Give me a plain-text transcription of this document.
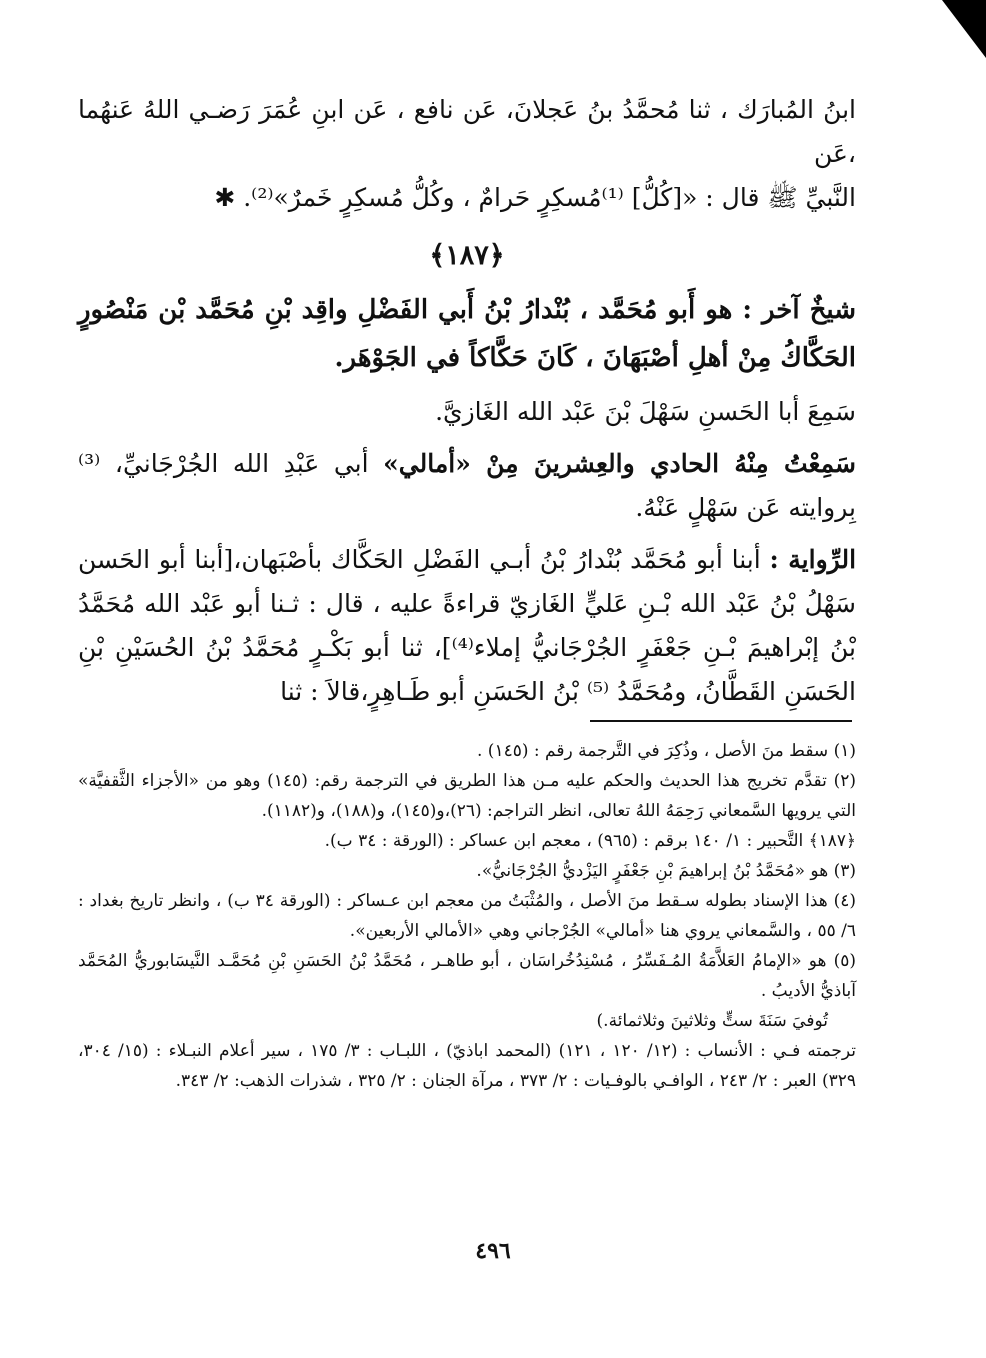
ابنُ المُبارَك ، ثنا مُحمَّدُ بنُ عَجلانَ، عَن نافع ، عَن ابنِ عُمَرَ رَضـي اللهُ عَنهُما ،عَن
النَّبيِّ ﷺ قال : «[كُلُّ] ⁽¹⁾مُسكِرٍ حَرامٌ ، وكُلُّ مُسكِرٍ خَمرٌ»⁽²⁾. ✱

﴿١٨٧﴾

شيخٌ آخر : هو أَبو مُحَمَّد ، بُنْدارُ بْنُ أَبي الفَضْلِ واقِد بْنِ مُحَمَّد بْن مَنْصُورٍ الحَكَّاكُ مِنْ أهلِ أصْبَهَانَ ، كَانَ حَكَّاكاً في الجَوْهَر.

سَمِعَ أبا الحَسنِ سَهْلَ بْنَ عَبْد الله الغَازيَّ.

سَمِعْتُ مِنْهُ الحادي والعِشرينَ مِنْ «أمالي» أبي عَبْدِ الله الجُرْجَانيِّ، ⁽³⁾ بِروايته عَن سَهْلٍ عَنْهُ.

الرِّواية : أبنا أبو مُحَمَّد بُنْدارُ بْنُ أبـي الفَضْلِ الحَكَّاك بأصْبَهان،[أبنا أبو الحَسن سَهْلُ بْنُ عَبْد الله بْـنِ عَليٍّ الغَازيّ قراءةً عليه ، قال : ثـنا أبو عَبْد الله مُحَمَّدُ بْنُ إبْراهيمَ بْـنِ جَعْفَرٍ الجُرْجَانيُّ إملاء⁽⁴⁾]، ثنا أبو بَكْـرٍ مُحَمَّدُ بْنُ الحُسَيْنِ بْنِ الحَسَنِ القَطَّانُ، ومُحَمَّدُ ⁽⁵⁾ بْنُ الحَسَنِ أبو طَـاهِرٍ،قالاَ : ثنا

(١) سقط منَ الأصل ، وذُكِرَ في التَّرجمة رقم : (١٤٥) .

(٢) تقدَّم تخريج هذا الحديث والحكم عليه مـن هذا الطريق في الترجمة رقم: (١٤٥) وهو من «الأجزاء الثَّقفيَّة» التي يرويها السَّمعاني رَحِمَهُ اللهُ تعالى، انظر التراجم: (٢٦)،و(١٤٥)، و(١٨٨)، و(١١٨٢).

﴿١٨٧﴾ التَّحبير : ١/ ١٤٠ برقم : (٩٦٥) ، معجم ابن عساكر : (الورقة : ٣٤ ب).

(٣) هو «مُحَمَّدُ بْنُ إبراهيمَ بْنِ جَعْفَرٍ اليَزْديُّ الجُرْجَانيُّ».

(٤) هذا الإسناد بطوله سـقط منَ الأصل ، والمُثْبَتُ من معجم ابن عـساكر : (الورقة ٣٤ ب) ، وانظر تاريخ بغداد : ٦/ ٥٥ ، والسَّمعاني يروي هنا «أمالي» الجُرْجاني وهي «الأمالي الأربعين».

(٥) هو «الإمامُ العَلاَّمَةُ المُـفَسِّرُ ، مُسْنِدُخُراسَان ، أبو طاهـر ، مُحَمَّدُ بْنُ الحَسَنِ بْنِ مُحَمَّـد النَّيسَابوريُّ المُحَمَّد آباذيُّ الأديبُ .

تُوفيَ سَنَةَ ستٍّ وثلاثينَ وثلاثمائة.)

ترجمته فـي : الأنساب : (١٢/ ١٢٠ ، ١٢١) (المحمد اباذيّ) ، اللبـاب : ٣/ ١٧٥ ، سير أعلام النبـلاء : (١٥/ ٣٠٤، ٣٢٩) العبر : ٢/ ٢٤٣ ، الوافـي بالوفـيات : ٢/ ٣٧٣ ، مرآة الجنان : ٢/ ٣٢٥ ، شذرات الذهب: ٢/ ٣٤٣.

٤٩٦
